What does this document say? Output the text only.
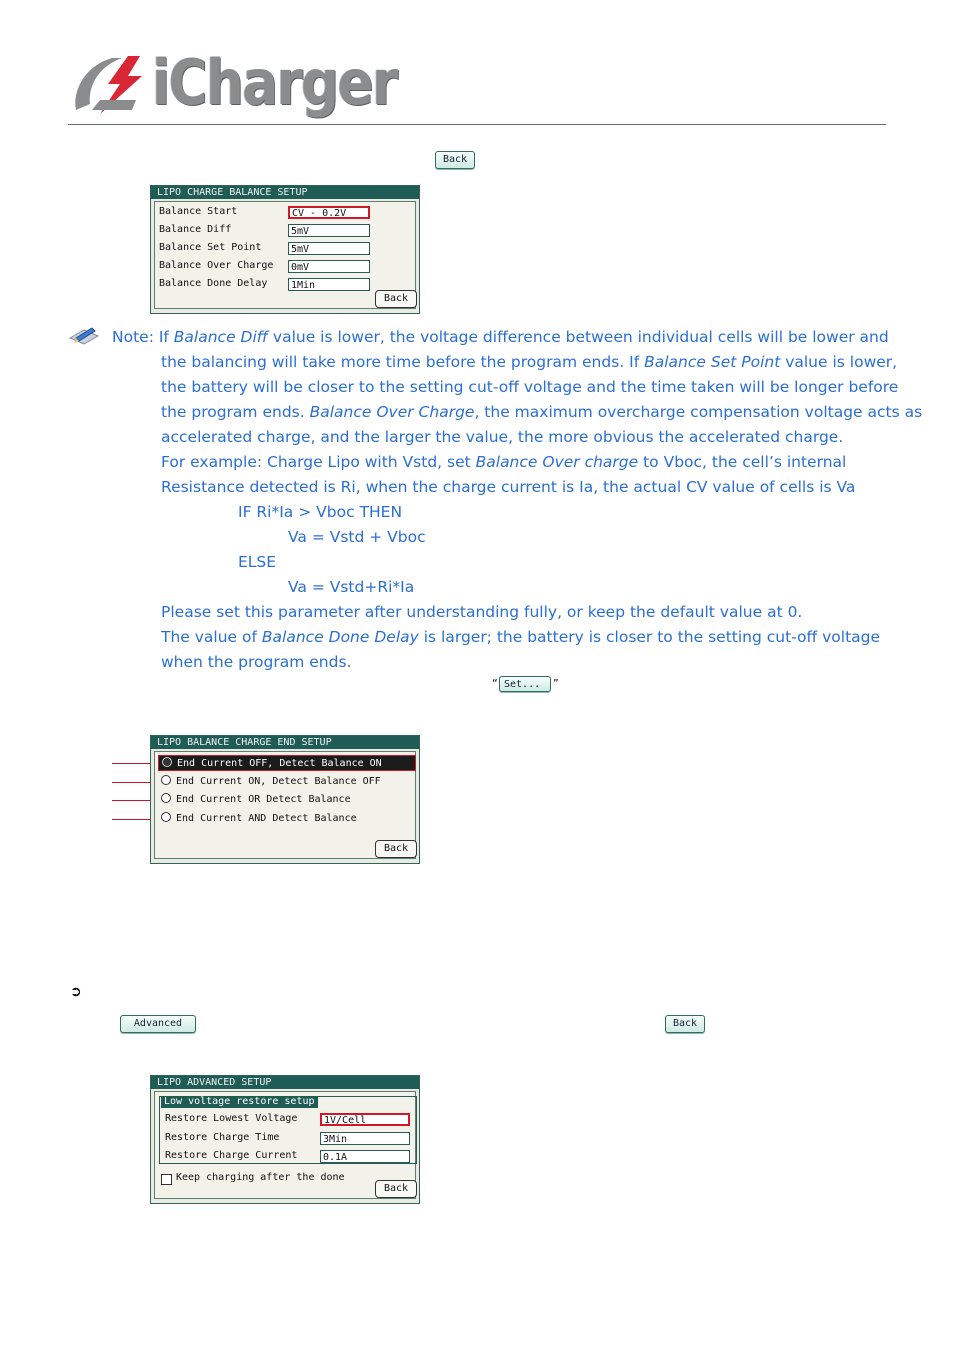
iCharger
Back
LIPO CHARGE BALANCE SETUP
Balance Start	CV - 0.2V
Balance Diff	5mV
Balance Set Point	5mV
Balance Over Charge	0mV
Balance Done Delay	1Min
Back
Note: If Balance Diff value is lower, the voltage difference between individual cells will be lower and
the balancing will take more time before the program ends. If Balance Set Point value is lower,
the battery will be closer to the setting cut-off voltage and the time taken will be longer before
the program ends. Balance Over Charge, the maximum overcharge compensation voltage acts as
accelerated charge, and the larger the value, the more obvious the accelerated charge.
For example: Charge Lipo with Vstd, set Balance Over charge to Vboc, the cell’s internal
Resistance detected is Ri, when the charge current is Ia, the actual CV value of cells is Va
IF Ri*Ia > Vboc THEN
Va = Vstd + Vboc
ELSE
Va = Vstd+Ri*Ia
Please set this parameter after understanding fully, or keep the default value at 0.
The value of Balance Done Delay is larger; the battery is closer to the setting cut-off voltage
when the program ends.
“ Set...	”
LIPO BALANCE CHARGE END SETUP
End Current OFF, Detect Balance ON
End Current ON, Detect Balance OFF
End Current OR Detect Balance
End Current AND Detect Balance
Back
➲
Advanced	Back
LIPO ADVANCED SETUP
Low voltage restore setup
Restore Lowest Voltage	1V/Cell
Restore Charge Time	3Min
Restore Charge Current	0.1A
Keep charging after the done
Back
